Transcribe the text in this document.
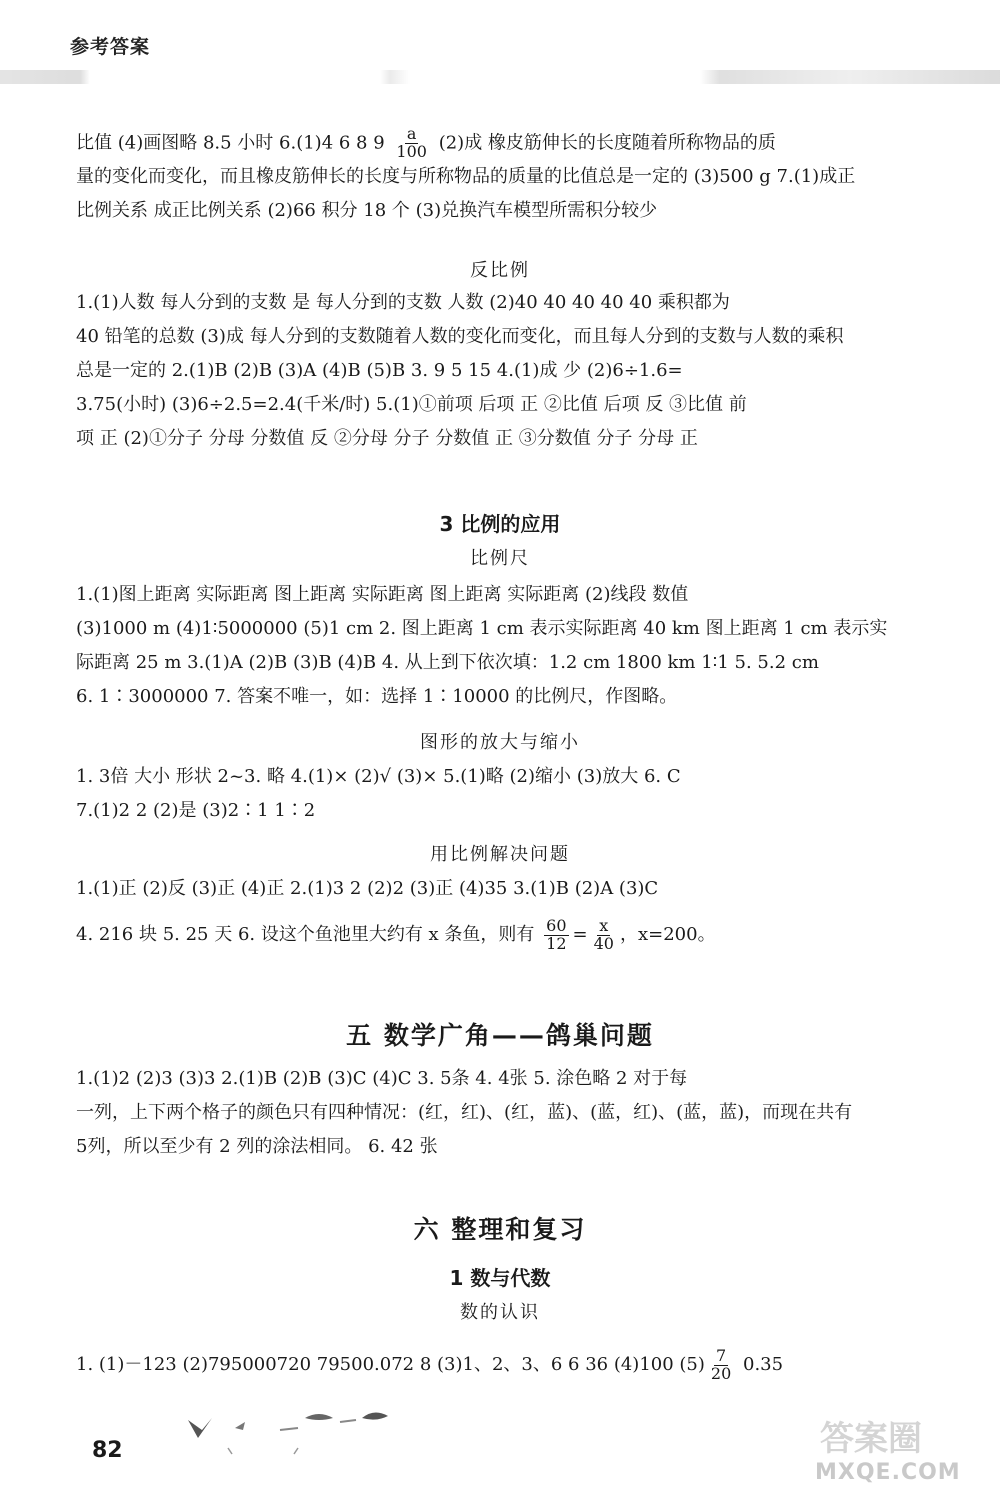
参考答案
比值 (4)画图略 8.5 小时 6.(1)4 6 8 $9 \frac{a}{100} (2)$成 橡皮筋伸长的长度随着所称物品的质
量的变化而变化，而且橡皮筋伸长的长度与所称物品的质量的比值总是一定的 (3)500 g 7.(1)成正
比例关系 成正比例关系 (2)66 积分 18 个 (3)兑换汽车模型所需积分较少
反比例
1.(1)人数 每人分到的支数 是 每人分到的支数 人数 (2)40 40 40 40 40 乘积都为
40 铅笔的总数 (3)成 每人分到的支数随着人数的变化而变化，而且每人分到的支数与人数的乘积
总是一定的 2.(1)B (2)B (3)A (4)B (5)B 3. 9 5 15 4.(1)成 少 (2)6÷1.6=
3.75(小时) (3)6÷2.5=2.4(千米/时) 5.(1)①前项 后项 正 ②比值 后项 反 ③比值 前
项 正 (2)①分子 分母 分数值 反 ②分母 分子 分数值 正 ③分数值 分子 分母 正
3 比例的应用
比例尺
1.(1)图上距离 实际距离 图上距离 实际距离 图上距离 实际距离 (2)线段 数值
(3)1000 m (4)1∶5000000 (5)1 cm 2. 图上距离 1 cm 表示实际距离 40 km 图上距离 1 cm 表示实
际距离 25 m 3.(1)A (2)B (3)B (4)B 4. 从上到下依次填：1.2 cm 1800 km 1∶1 5. 5.2 cm
6. 1∶3000000 7. 答案不唯一，如：选择 1∶10000 的比例尺，作图略。
图形的放大与缩小
1. 3倍 大小 形状 2~3. 略 4.(1)× (2)√ (3)× 5.(1)略 (2)缩小 (3)放大 6. C
7.(1)2 2 (2)是 (3)2∶1 1∶2
用比例解决问题
1.(1)正 (2)反 (3)正 (4)正 2.(1)3 2 (2)2 (3)正 (4)35 3.(1)B (2)A (3)C
4. 216 块 5. 25 天 6. 设这个鱼池里大约有 x 条鱼，则有 $\frac{60}{12} = \frac{x}{40}$ ，x=200。
五 数学广角——鸽巢问题
1.(1)2 (2)3 (3)3 2.(1)B (2)B (3)C (4)C 3. 5条 4. 4张 5. 涂色略 2 对于每
一列，上下两个格子的颜色只有四种情况：(红，红)、(红，蓝)、(蓝，红)、(蓝，蓝)，而现在共有
5列，所以至少有 2 列的涂法相同。 6. 42 张
六 整理和复习
1 数与代数
数的认识
1. (1)－123 (2)795000720 79500.072 8 (3)1、2、3、6 6 36 (4)100 $(5) \frac{7}{20} 0.35$
82	答案圈
MXQE.COM
